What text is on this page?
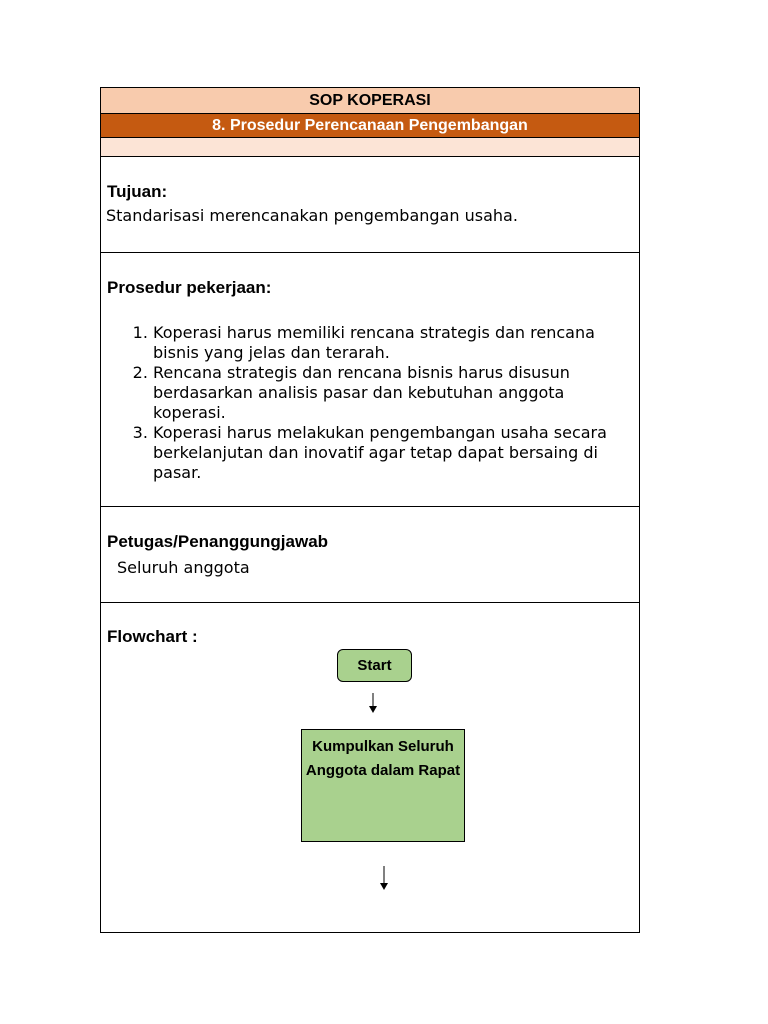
SOP KOPERASI
8. Prosedur Perencanaan Pengembangan
Tujuan:
Standarisasi merencanakan pengembangan usaha.
Prosedur pekerjaan:
1. Koperasi harus memiliki rencana strategis dan rencana bisnis yang jelas dan terarah.
2. Rencana strategis dan rencana bisnis harus disusun berdasarkan analisis pasar dan kebutuhan anggota koperasi.
3. Koperasi harus melakukan pengembangan usaha secara berkelanjutan dan inovatif agar tetap dapat bersaing di pasar.
Petugas/Penanggungjawab
Seluruh anggota
Flowchart :
Start
Kumpulkan Seluruh Anggota dalam Rapat
